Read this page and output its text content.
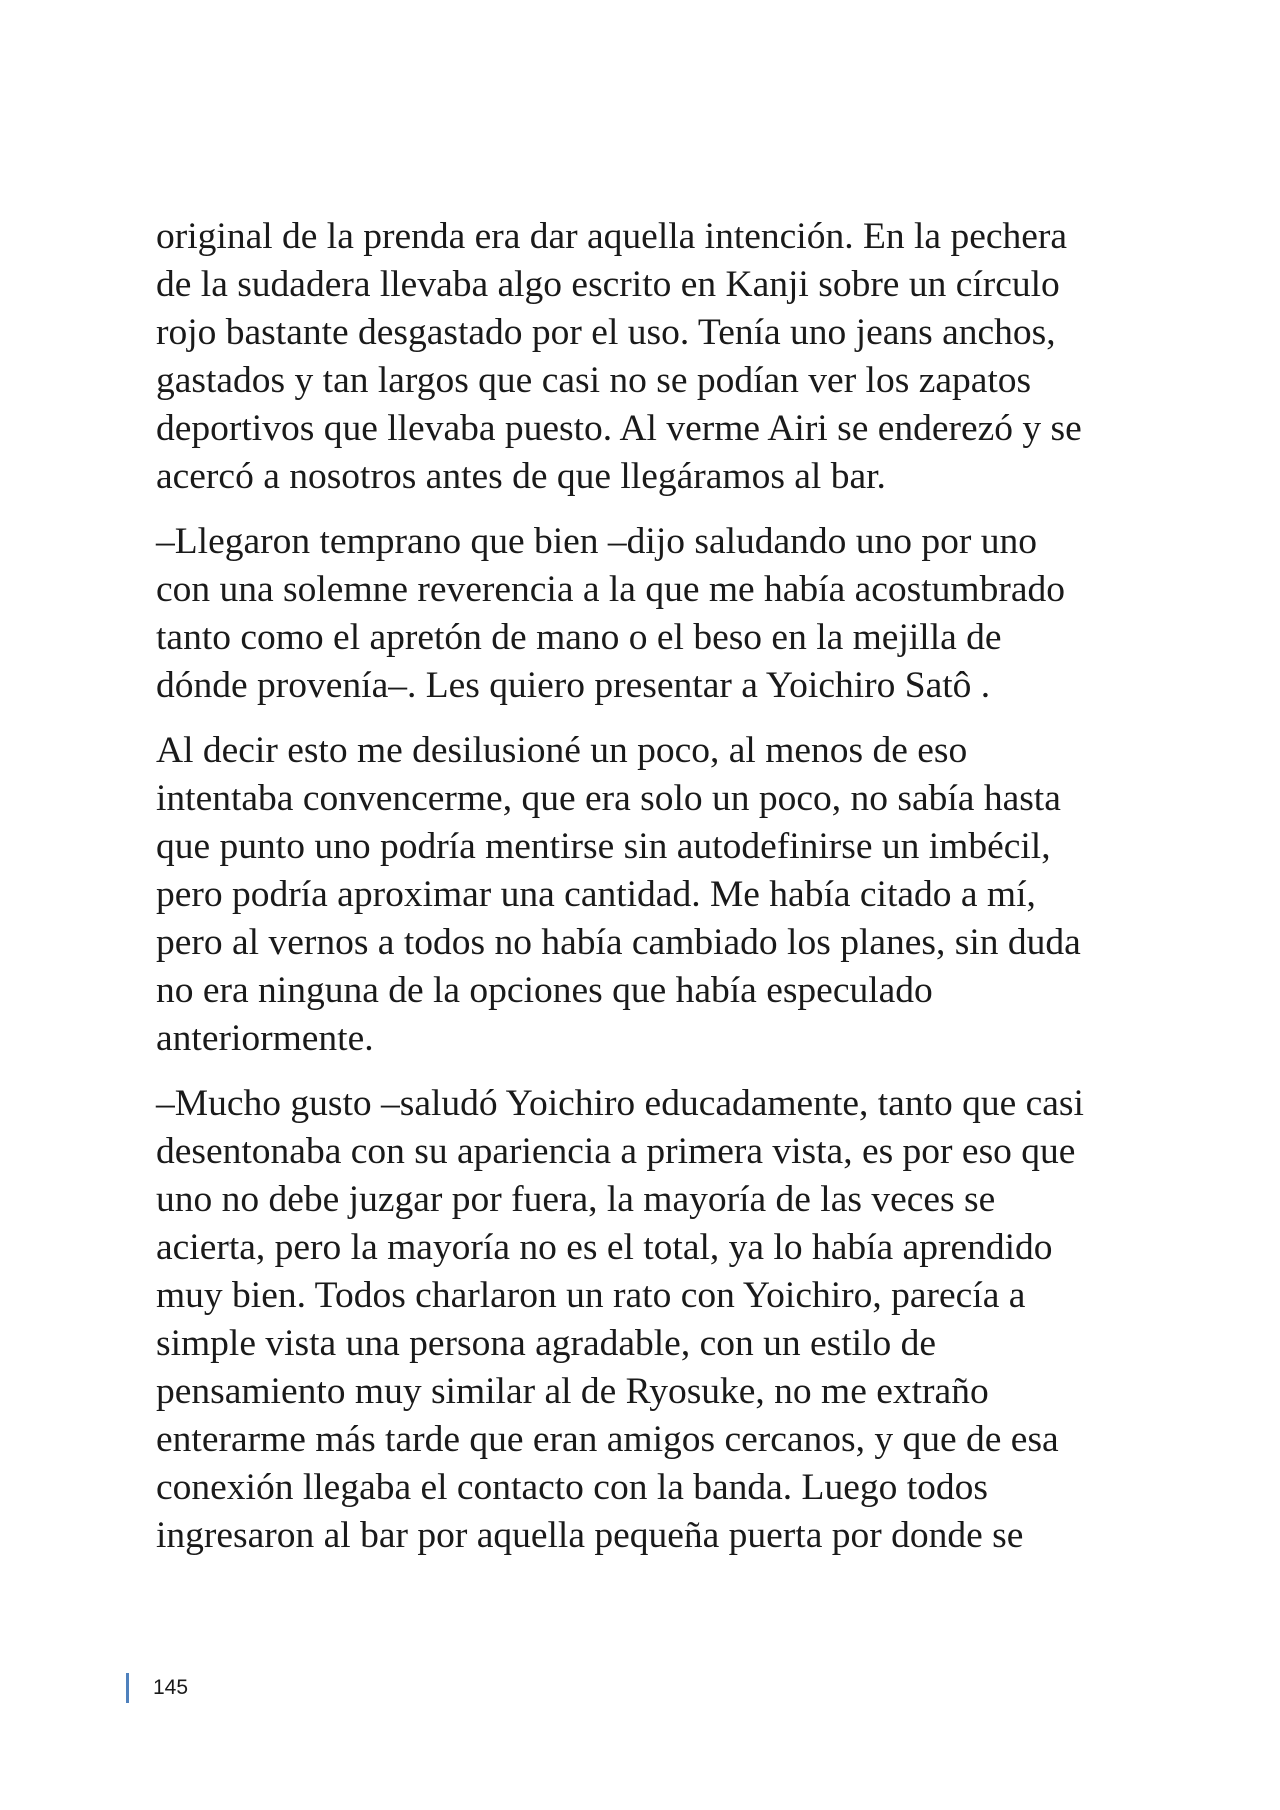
original de la prenda era dar aquella intención. En la pechera
de la sudadera llevaba algo escrito en Kanji sobre un círculo
rojo bastante desgastado por el uso. Tenía uno jeans anchos,
gastados y tan largos que casi no se podían ver los zapatos
deportivos que llevaba puesto. Al verme Airi se enderezó y se
acercó a nosotros antes de que llegáramos al bar.

–Llegaron temprano que bien –dijo saludando uno por uno
con una solemne reverencia a la que me había acostumbrado
tanto como el apretón de mano o el beso en la mejilla de
dónde provenía–. Les quiero presentar a Yoichiro Satô .

Al decir esto me desilusioné un poco, al menos de eso
intentaba convencerme, que era solo un poco, no sabía hasta
que punto uno podría mentirse sin autodefinirse un imbécil,
pero podría aproximar una cantidad. Me había citado a mí,
pero al vernos a todos no había cambiado los planes, sin duda
no era ninguna de la opciones que había especulado
anteriormente.

–Mucho gusto –saludó Yoichiro educadamente, tanto que casi
desentonaba con su apariencia a primera vista, es por eso que
uno no debe juzgar por fuera, la mayoría de las veces se
acierta, pero la mayoría no es el total, ya lo había aprendido
muy bien. Todos charlaron un rato con Yoichiro, parecía a
simple vista una persona agradable, con un estilo de
pensamiento muy similar al de Ryosuke, no me extraño
enterarme más tarde que eran amigos cercanos, y que de esa
conexión llegaba el contacto con la banda. Luego todos
ingresaron al bar por aquella pequeña puerta por donde se

145
